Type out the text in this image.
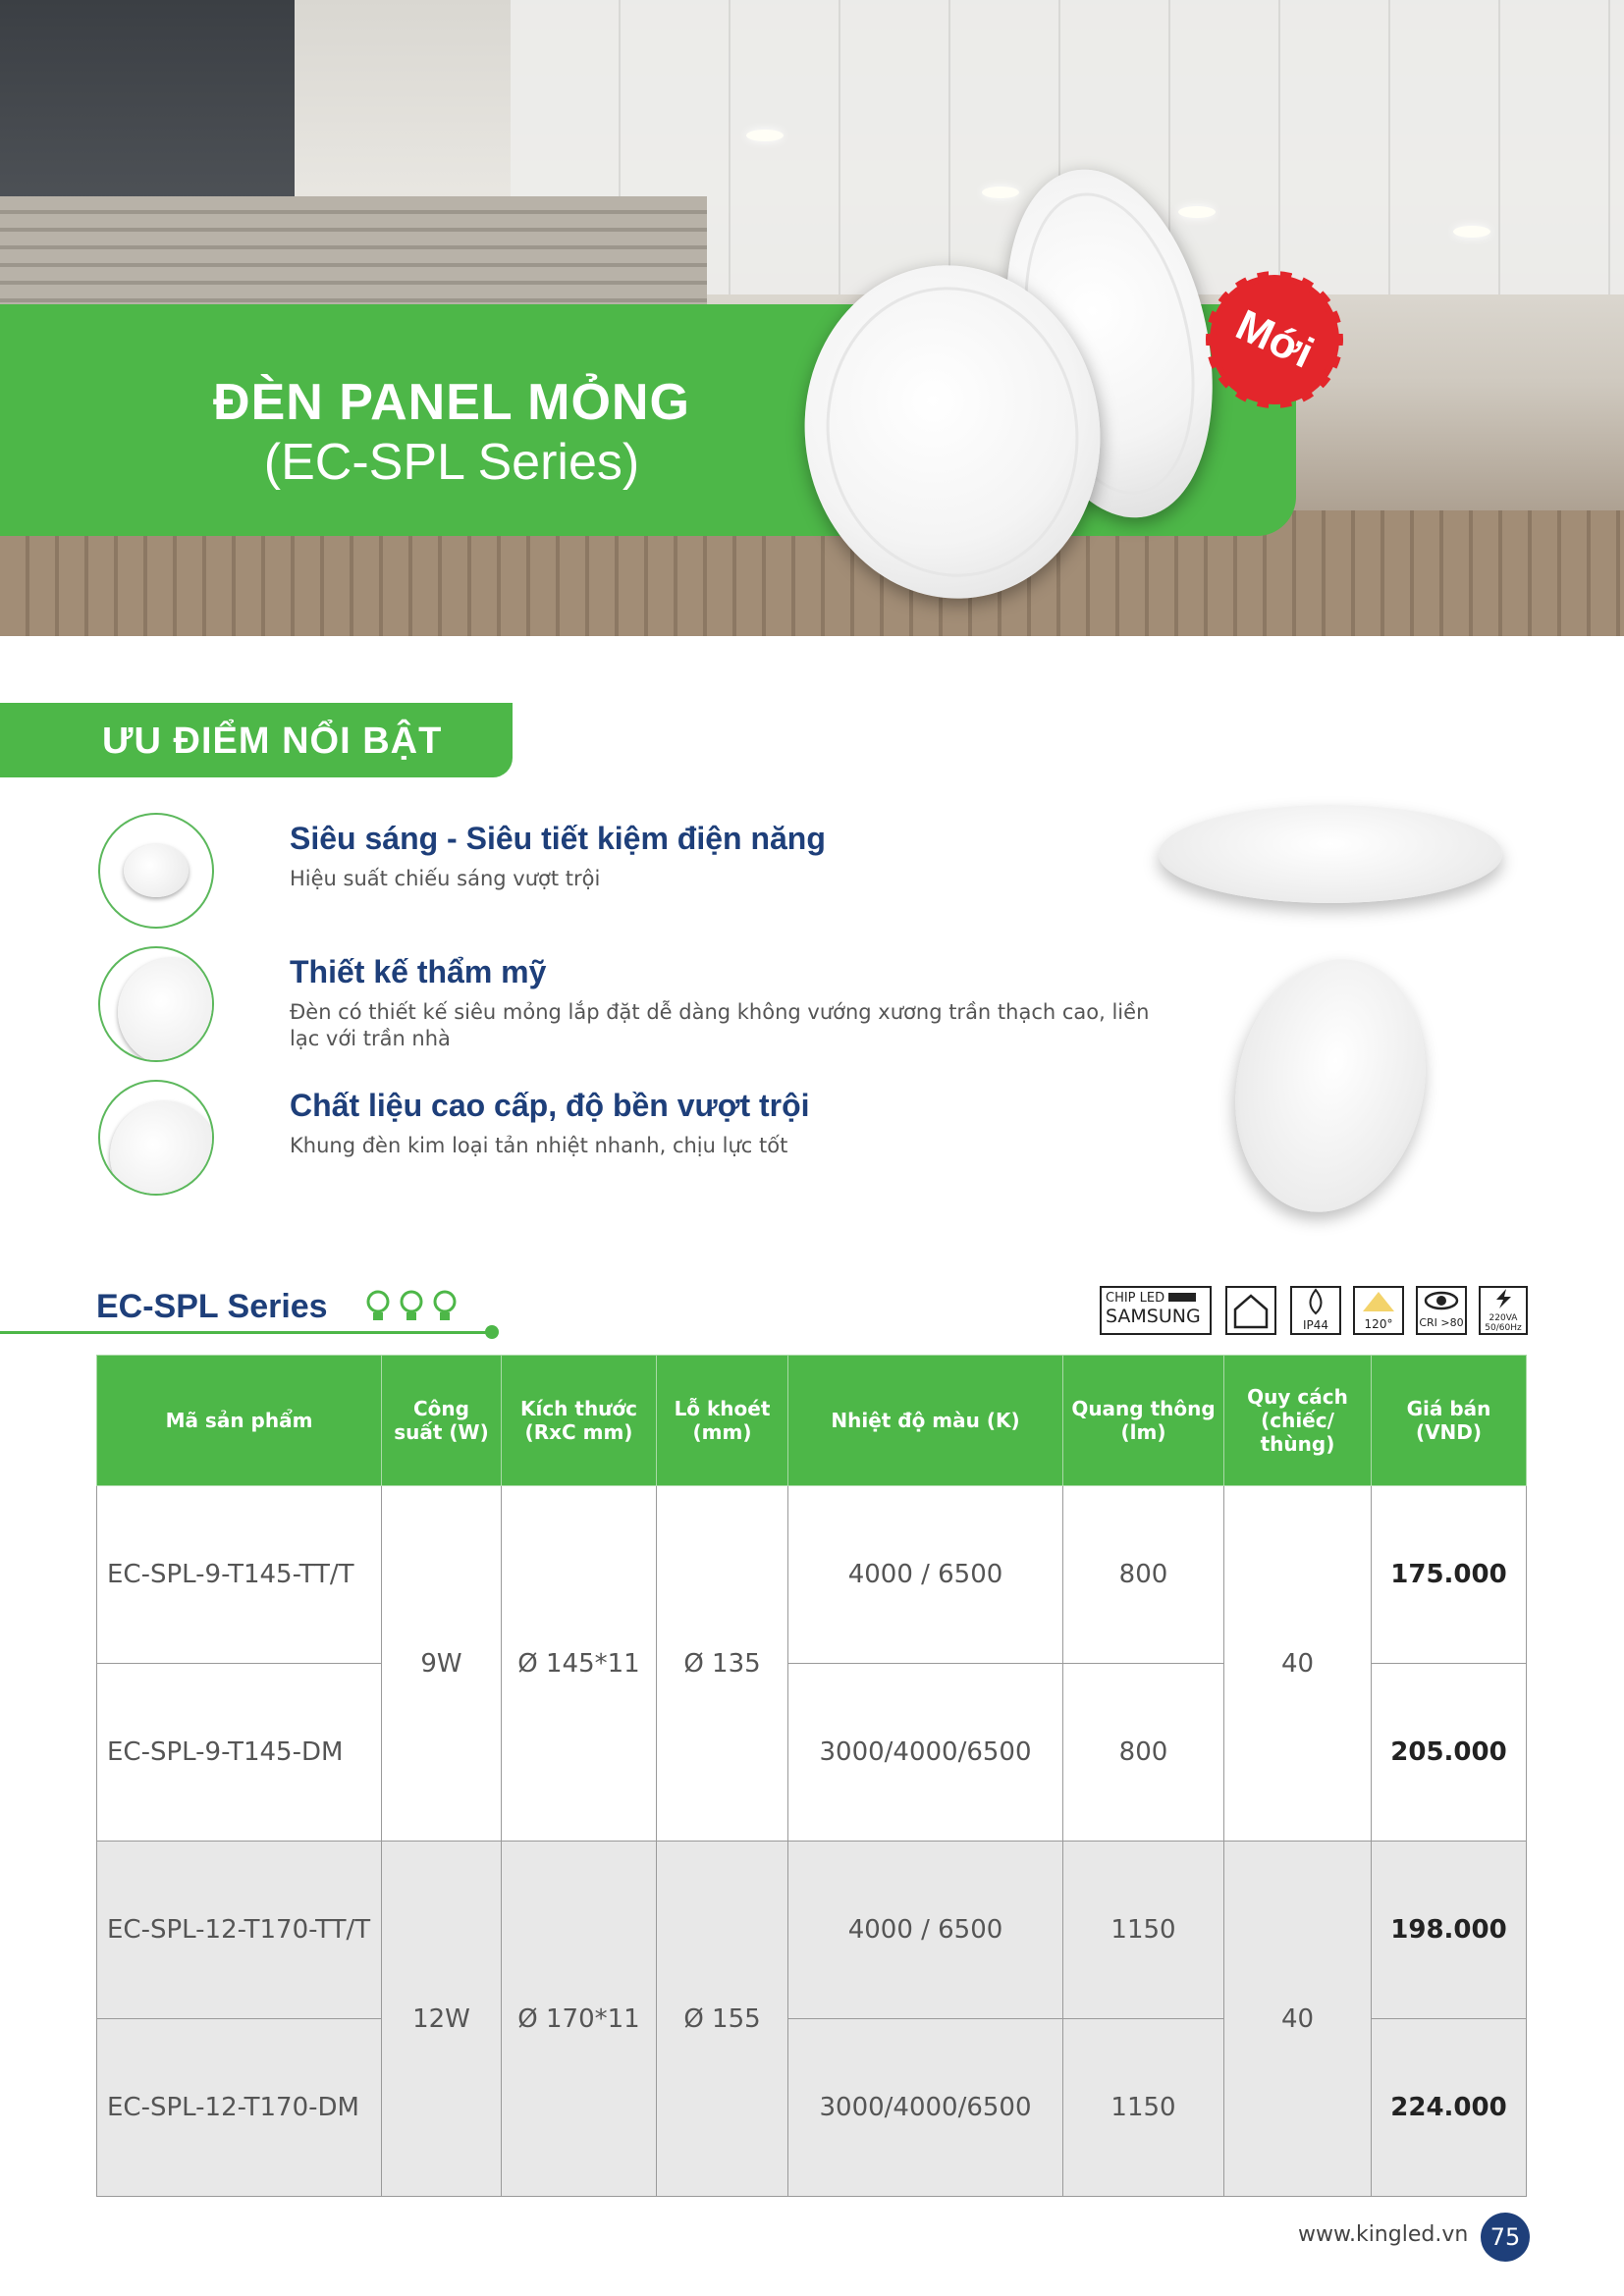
ĐÈN PANEL MỎNG
(EC-SPL Series)
Mới
ƯU ĐIỂM NỔI BẬT
Siêu sáng - Siêu tiết kiệm điện năng
Hiệu suất chiếu sáng vượt trội
Thiết kế thẩm mỹ
Đèn có thiết kế siêu mỏng lắp đặt dễ dàng không vướng xương trần thạch cao, liền lạc với trần nhà
Chất liệu cao cấp, độ bền vượt trội
Khung đèn kim loại tản nhiệt nhanh, chịu lực tốt
EC-SPL Series	CHIP LED
SAMSUNG	IP44	120°	CRI >80	220VA
50/60Hz
Mã sản phẩm	Công suất (W)	Kích thước (RxC mm)	Lỗ khoét (mm)	Nhiệt độ màu (K)	Quang thông (lm)	Quy cách (chiếc/ thùng)	Giá bán (VND)
EC-SPL-9-T145-TT/T	9W	Ø 145*11	Ø 135	4000 / 6500	800	40	175.000
EC-SPL-9-T145-DM				3000/4000/6500	800		205.000
EC-SPL-12-T170-TT/T	12W	Ø 170*11	Ø 155	4000 / 6500	1150	40	198.000
EC-SPL-12-T170-DM				3000/4000/6500	1150		224.000
www.kingled.vn 75
